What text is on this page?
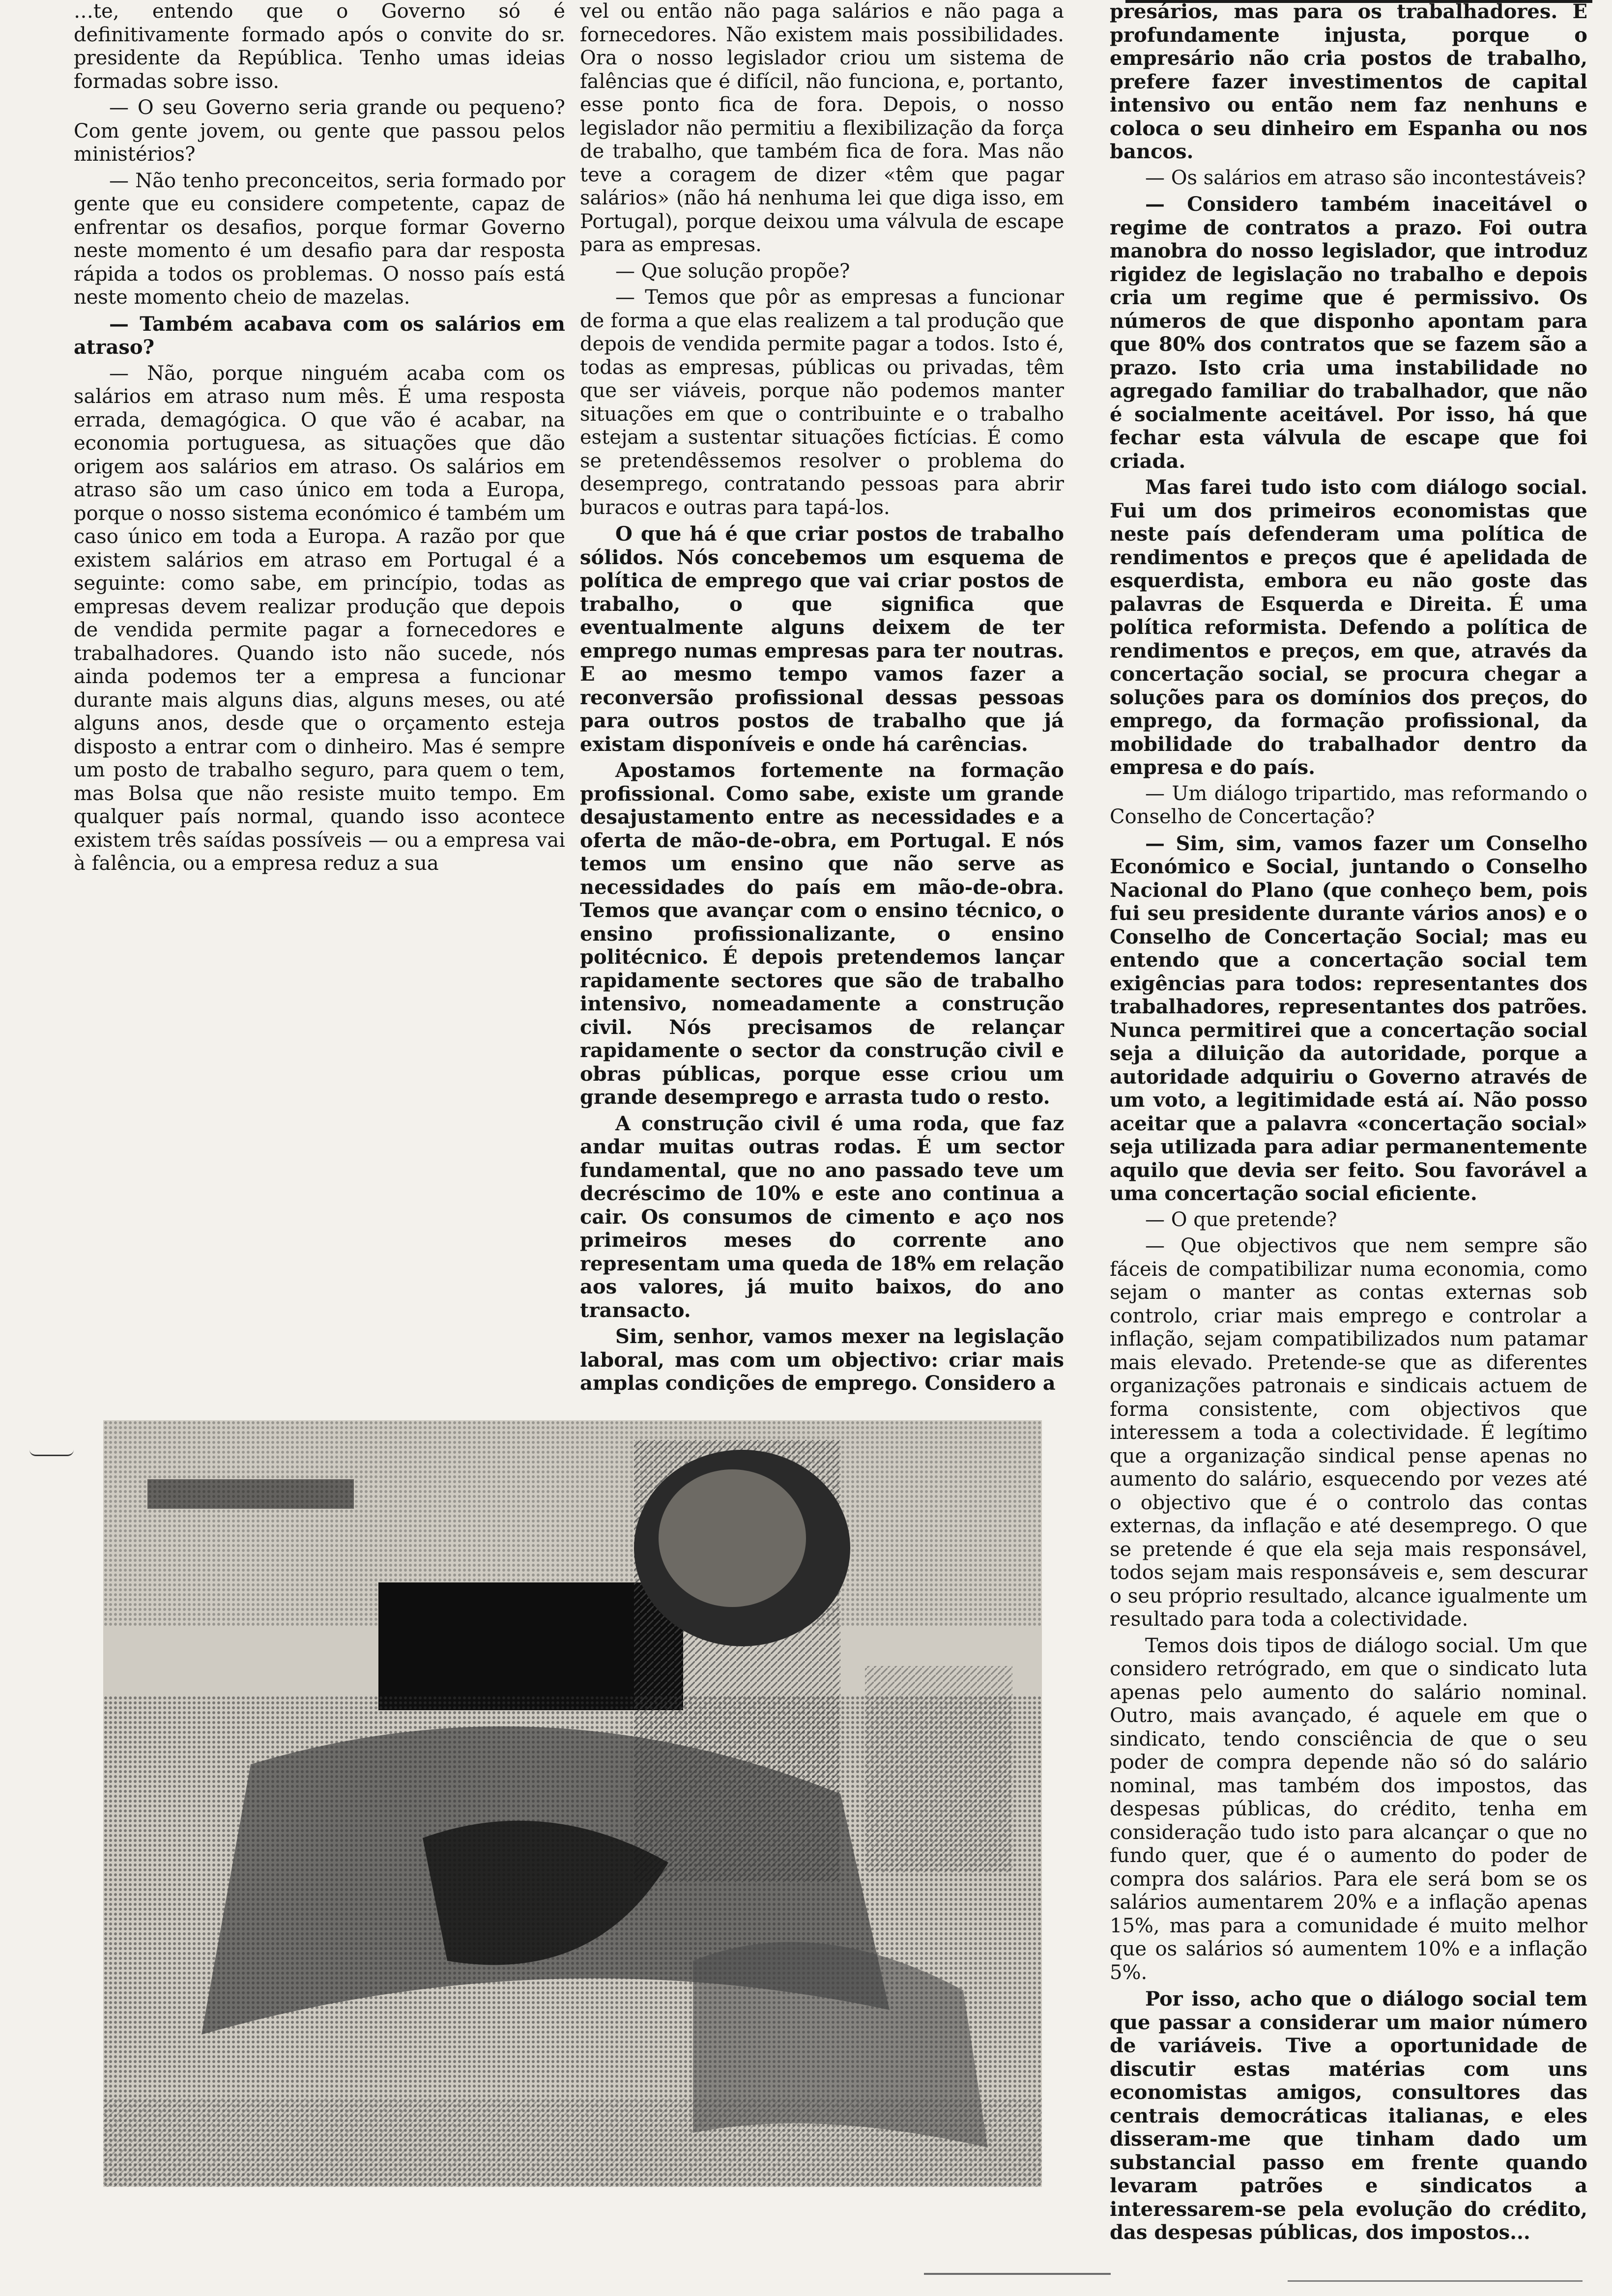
…te, entendo que o Governo só é definitivamente formado após o convite do sr. presidente da República. Tenho umas ideias formadas sobre isso.

— O seu Governo seria grande ou pequeno? Com gente jovem, ou gente que passou pelos ministérios?

— Não tenho preconceitos, seria formado por gente que eu considere competente, capaz de enfrentar os desafios, porque formar Governo neste momento é um desafio para dar resposta rápida a todos os problemas. O nosso país está neste momento cheio de mazelas.

— Também acabava com os salários em atraso?

— Não, porque ninguém acaba com os salários em atraso num mês. É uma resposta errada, demagógica. O que vão é acabar, na economia portuguesa, as situações que dão origem aos salários em atraso. Os salários em atraso são um caso único em toda a Europa, porque o nosso sistema económico é também um caso único em toda a Europa. A razão por que existem salários em atraso em Portugal é a seguinte: como sabe, em princípio, todas as empresas devem realizar produção que depois de vendida permite pagar a fornecedores e trabalhadores. Quando isto não sucede, nós ainda podemos ter a empresa a funcionar durante mais alguns dias, alguns meses, ou até alguns anos, desde que o orçamento esteja disposto a entrar com o dinheiro. Mas é sempre um posto de trabalho seguro, para quem o tem, mas Bolsa que não resiste muito tempo. Em qualquer país normal, quando isso acontece existem três saídas possíveis — ou a empresa vai à falência, ou a empresa reduz a sua

vel ou então não paga salários e não paga a fornecedores. Não existem mais possibilidades. Ora o nosso legislador criou um sistema de falências que é difícil, não funciona, e, portanto, esse ponto fica de fora. Depois, o nosso legislador não permitiu a flexibilização da força de trabalho, que também fica de fora. Mas não teve a coragem de dizer «têm que pagar salários» (não há nenhuma lei que diga isso, em Portugal), porque deixou uma válvula de escape para as empresas.

— Que solução propõe?

— Temos que pôr as empresas a funcionar de forma a que elas realizem a tal produção que depois de vendida permite pagar a todos. Isto é, todas as empresas, públicas ou privadas, têm que ser viáveis, porque não podemos manter situações em que o contribuinte e o trabalho estejam a sustentar situações fictícias. É como se pretendêssemos resolver o problema do desemprego, contratando pessoas para abrir buracos e outras para tapá-los.

O que há é que criar postos de trabalho sólidos. Nós concebemos um esquema de política de emprego que vai criar postos de trabalho, o que significa que eventualmente alguns deixem de ter emprego numas empresas para ter noutras. E ao mesmo tempo vamos fazer a reconversão profissional dessas pessoas para outros postos de trabalho que já existam disponíveis e onde há carências.

Apostamos fortemente na formação profissional. Como sabe, existe um grande desajustamento entre as necessidades e a oferta de mão-de-obra, em Portugal. E nós temos um ensino que não serve as necessidades do país em mão-de-obra. Temos que avançar com o ensino técnico, o ensino profissionalizante, o ensino politécnico. É depois pretendemos lançar rapidamente sectores que são de trabalho intensivo, nomeadamente a construção civil. Nós precisamos de relançar rapidamente o sector da construção civil e obras públicas, porque esse criou um grande desemprego e arrasta tudo o resto.

A construção civil é uma roda, que faz andar muitas outras rodas. É um sector fundamental, que no ano passado teve um decréscimo de 10% e este ano continua a cair. Os consumos de cimento e aço nos primeiros meses do corrente ano representam uma queda de 18% em relação aos valores, já muito baixos, do ano transacto.

Sim, senhor, vamos mexer na legislação laboral, mas com um objectivo: criar mais amplas condições de emprego. Considero a

presários, mas para os trabalhadores. É profundamente injusta, porque o empresário não cria postos de trabalho, prefere fazer investimentos de capital intensivo ou então nem faz nenhuns e coloca o seu dinheiro em Espanha ou nos bancos.

— Os salários em atraso são incontestáveis?

— Considero também inaceitável o regime de contratos a prazo. Foi outra manobra do nosso legislador, que introduz rigidez de legislação no trabalho e depois cria um regime que é permissivo. Os números de que disponho apontam para que 80% dos contratos que se fazem são a prazo. Isto cria uma instabilidade no agregado familiar do trabalhador, que não é socialmente aceitável. Por isso, há que fechar esta válvula de escape que foi criada.

Mas farei tudo isto com diálogo social. Fui um dos primeiros economistas que neste país defenderam uma política de rendimentos e preços que é apelidada de esquerdista, embora eu não goste das palavras de Esquerda e Direita. É uma política reformista. Defendo a política de rendimentos e preços, em que, através da concertação social, se procura chegar a soluções para os domínios dos preços, do emprego, da formação profissional, da mobilidade do trabalhador dentro da empresa e do país.

— Um diálogo tripartido, mas reformando o Conselho de Concertação?

— Sim, sim, vamos fazer um Conselho Económico e Social, juntando o Conselho Nacional do Plano (que conheço bem, pois fui seu presidente durante vários anos) e o Conselho de Concertação Social; mas eu entendo que a concertação social tem exigências para todos: representantes dos trabalhadores, representantes dos patrões. Nunca permitirei que a concertação social seja a diluição da autoridade, porque a autoridade adquiriu o Governo através de um voto, a legitimidade está aí. Não posso aceitar que a palavra «concertação social» seja utilizada para adiar permanentemente aquilo que devia ser feito. Sou favorável a uma concertação social eficiente.

— O que pretende?

— Que objectivos que nem sempre são fáceis de compatibilizar numa economia, como sejam o manter as contas externas sob controlo, criar mais emprego e controlar a inflação, sejam compatibilizados num patamar mais elevado. Pretende-se que as diferentes organizações patronais e sindicais actuem de forma consistente, com objectivos que interessem a toda a colectividade. É legítimo que a organização sindical pense apenas no aumento do salário, esquecendo por vezes até o objectivo que é o controlo das contas externas, da inflação e até desemprego. O que se pretende é que ela seja mais responsável, todos sejam mais responsáveis e, sem descurar o seu próprio resultado, alcance igualmente um resultado para toda a colectividade.

Temos dois tipos de diálogo social. Um que considero retrógrado, em que o sindicato luta apenas pelo aumento do salário nominal. Outro, mais avançado, é aquele em que o sindicato, tendo consciência de que o seu poder de compra depende não só do salário nominal, mas também dos impostos, das despesas públicas, do crédito, tenha em consideração tudo isto para alcançar o que no fundo quer, que é o aumento do poder de compra dos salários. Para ele será bom se os salários aumentarem 20% e a inflação apenas 15%, mas para a comunidade é muito melhor que os salários só aumentem 10% e a inflação 5%.

Por isso, acho que o diálogo social tem que passar a considerar um maior número de variáveis. Tive a oportunidade de discutir estas matérias com uns economistas amigos, consultores das centrais democráticas italianas, e eles disseram-me que tinham dado um substancial passo em frente quando levaram patrões e sindicatos a interessarem-se pela evolução do crédito, das despesas públicas, dos impostos...
